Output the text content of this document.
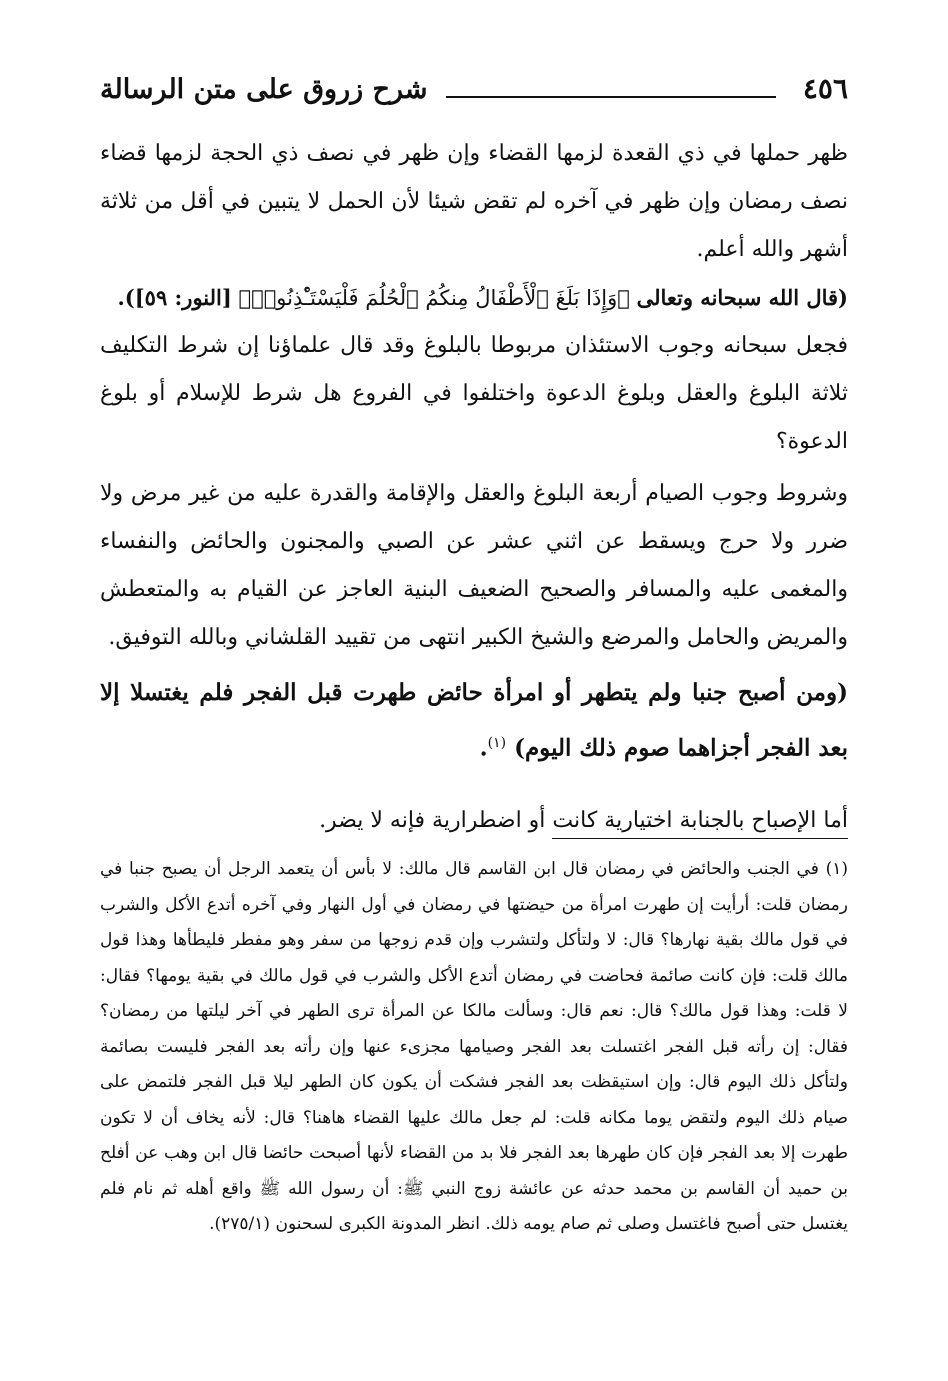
٤٥٦
شرح زروق على متن الرسالة

ظهر حملها في ذي القعدة لزمها القضاء وإن ظهر في نصف ذي الحجة لزمها قضاء نصف رمضان وإن ظهر في آخره لم تقض شيئا لأن الحمل لا يتبين في أقل من ثلاثة أشهر والله أعلم.

(قال الله سبحانه وتعالى ﴿وَإِذَا بَلَغَ ٱلْأَطْفَالُ مِنكُمُ ٱلْحُلُمَ فَلْيَسْتَـْٔذِنُوا۟﴾ [النور: ٥٩]).

فجعل سبحانه وجوب الاستئذان مربوطا بالبلوغ وقد قال علماؤنا إن شرط التكليف ثلاثة البلوغ والعقل وبلوغ الدعوة واختلفوا في الفروع هل شرط للإسلام أو بلوغ الدعوة؟

وشروط وجوب الصيام أربعة البلوغ والعقل والإقامة والقدرة عليه من غير مرض ولا ضرر ولا حرج ويسقط عن اثني عشر عن الصبي والمجنون والحائض والنفساء والمغمى عليه والمسافر والصحيح الضعيف البنية العاجز عن القيام به والمتعطش والمريض والحامل والمرضع والشيخ الكبير انتهى من تقييد القلشاني وبالله التوفيق.

(ومن أصبح جنبا ولم يتطهر أو امرأة حائض طهرت قبل الفجر فلم يغتسلا إلا بعد الفجر أجزاهما صوم ذلك اليوم) $^{(١)}$.

أما الإصباح بالجنابة اختيارية كانت أو اضطرارية فإنه لا يضر.

(١) في الجنب والحائض في رمضان قال ابن القاسم قال مالك: لا بأس أن يتعمد الرجل أن يصبح جنبا في رمضان قلت: أرأيت إن طهرت امرأة من حيضتها في رمضان في أول النهار وفي آخره أتدع الأكل والشرب في قول مالك بقية نهارها؟ قال: لا ولتأكل ولتشرب وإن قدم زوجها من سفر وهو مفطر فليطأها وهذا قول مالك قلت: فإن كانت صائمة فحاضت في رمضان أتدع الأكل والشرب في قول مالك في بقية يومها؟ فقال: لا قلت: وهذا قول مالك؟ قال: نعم قال: وسألت مالكا عن المرأة ترى الطهر في آخر ليلتها من رمضان؟ فقال: إن رأته قبل الفجر اغتسلت بعد الفجر وصيامها مجزىء عنها وإن رأته بعد الفجر فليست بصائمة ولتأكل ذلك اليوم قال: وإن استيقظت بعد الفجر فشكت أن يكون كان الطهر ليلا قبل الفجر فلتمض على صيام ذلك اليوم ولتقض يوما مكانه قلت: لم جعل مالك عليها القضاء هاهنا؟ قال: لأنه يخاف أن لا تكون طهرت إلا بعد الفجر فإن كان طهرها بعد الفجر فلا بد من القضاء لأنها أصبحت حائضا قال ابن وهب عن أفلح بن حميد أن القاسم بن محمد حدثه عن عائشة زوج النبي ﷺ: أن رسول الله ﷺ واقع أهله ثم نام فلم يغتسل حتى أصبح فاغتسل وصلى ثم صام يومه ذلك. انظر المدونة الكبرى لسحنون (٢٧٥/١).
